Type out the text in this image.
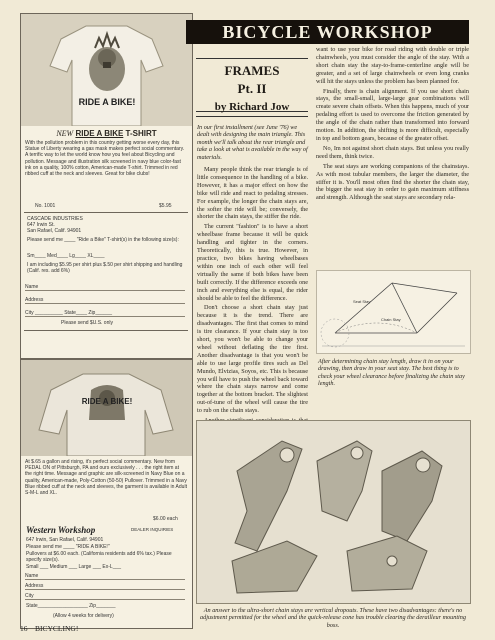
RIDE A BIKE!
NEW RIDE A BIKE T-SHIRT
With the pollution problem in this country getting worse every day, this Statue of Liberty wearing a gas mask makes perfect social commentary. A terrific way to let the world know how you feel about Bicycling and pollution. Message and illustration silk screened in navy blue color-fast ink on a quality, 100% cotton, American-made T-shirt. Trimmed in red ribbed cuff at the neck and sleeves. Great for bike clubs!
No. 1001	$5.95
CASCADE INDUSTRIES
647 Irwin St.
San Rafael, Calif. 94901
Please send me ____ "Ride a Bike" T-shirt(s) in the following size(s):
Sm____ Med____ Lg____ XL____
I am including $5.95 per shirt plus $.50 per shirt shipping and handling (Calif. res. add 6%)
Name
Address
City __________ State____ Zip______
Please send $U.S. only
RIDE A BIKE!
At $.65 a gallon and rising, it's perfect social commentary. New from PEDAL ON of Pittsburgh, PA and ours exclusively . . . the right item at the right time. Message and graphic are silk-screened in Navy Blue on a quality, American-made, Poly-Cotton (50-50) Pullover. Trimmed in a Navy Blue ribbed cuff at the neck and sleeves, the garment is available in Adult S-M-L and XL.
$6.00 each
Western Workshop	DEALER INQUIRIES
647 Irwin, San Rafael, Calif. 94901
Please send me ____ "RIDE A BIKE!"
Pullovers at $6.00 each. (California residents add 6% tax.) Please specify size(s).
Small ___ Medium ___ Large ___ Ex-L___
Name
Address
City
State__________________ Zip_______
(Allow 4 weeks for delivery)
BICYCLE WORKSHOP
FRAMES
Pt. II
by Richard Jow
In our first installment (see June '76) we dealt with designing the main triangle. This month we'll talk about the rear triangle and take a look at what is available in the way of materials.

Many people think the rear triangle is of little consequence in the handling of a bike. However, it has a major effect on how the bike will ride and react to pedaling stresses. For example, the longer the chain stays are, the softer the ride will be; conversely, the shorter the chain stays, the stiffer the ride.

The current "fashion" is to have a short wheelbase frame because it will be quick handling and tighter in the corners. Theoretically, this is true. However, in practice, two bikes having wheelbases within one inch of each other will feel virtually the same if both bikes have been built correctly. If the difference exceeds one inch and everything else is equal, the rider should be able to feel the difference.

Don't choose a short chain stay just because it is the trend. There are disadvantages. The first that comes to mind is tire clearance. If your chain stay is too short, you won't be able to change your wheel without deflating the tire first. Another disadvantage is that you won't be able to use large profile tires such as Del Mundo, Elvizias, Soyos, etc. This is because you will have to push the wheel back toward where the chain stays narrow and come together at the bottom bracket. The slightest out-of-tune of the wheel will cause the tire to rub on the chain stays.

want to use your bike for road riding with double or triple chainwheels, you must consider the angle of the stay. With a short chain stay the stay-to-frame-centerline angle will be greater, and a set of large chainwheels or even long cranks will hit the stays unless the problem has been planned for.

Finally, there is chain alignment. If you use short chain stays, the small-small, large-large gear combinations will create severe chain offsets. When this happens, much of your pedaling effort is used to overcome the friction generated by the angle of the chain rather than transformed into forward motion. In addition, the shifting is more difficult, especially in top and bottom gears, because of the greater offset.

No, Im not against short chain stays. But unless you really need them, think twice.

The seat stays are working companions of the chainstays. As with most tubular members, the larger the diameter, the stiffer it is. You'll most often find the shorter the chain stay, the bigger the seat stay in order to gain maximum stiffness and strength. Although the seat stays are secondary rela-

Seat Stay
Chain Stay
After determining chain stay length, draw it in on your drawing, then draw in your seat stay. The best thing is to check your wheel clearance before finalizing the chain stay length.
An answer to the ultra-short chain stays are vertical dropouts. These have two disadvantages: there's no adjustment permitted for the wheel and the quick-release cone has trouble clearing the derailleur mounting boss.
16 BICYCLING!
